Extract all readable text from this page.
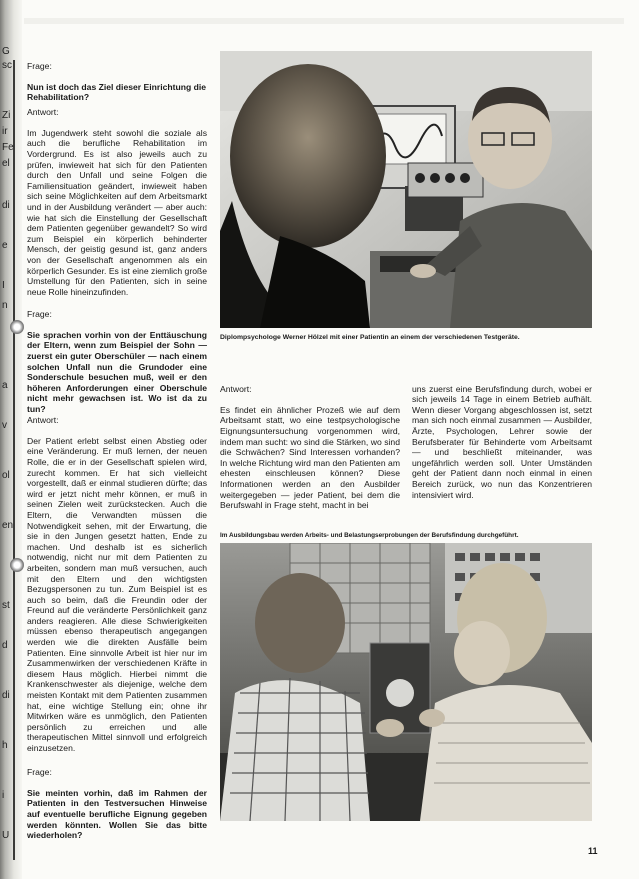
G
sc
Zi
ir
Fe
el
di
e
I
n
a
v
ol
en
st
d
di
h
i
U

Frage:

Nun ist doch das Ziel dieser Einrichtung die Rehabilitation?

Antwort:

Im Jugendwerk steht sowohl die soziale als auch die berufliche Rehabilitation im Vordergrund. Es ist also jeweils auch zu prüfen, inwieweit hat sich für den Patienten durch den Unfall und seine Folgen die Familiensituation geändert, inwieweit haben sich seine Möglichkeiten auf dem Arbeitsmarkt und in der Ausbildung verändert — aber auch: wie hat sich die Einstellung der Gesellschaft dem Patienten gegenüber gewandelt? So wird zum Beispiel ein körperlich behinderter Mensch, der geistig gesund ist, ganz anders von der Gesellschaft angenommen als ein körperlich Gesunder. Es ist eine ziemlich große Umstellung für den Patienten, sich in seine neue Rolle hineinzufinden.

Frage:

Sie sprachen vorhin von der Enttäuschung der Eltern, wenn zum Beispiel der Sohn — zuerst ein guter Oberschüler — nach einem solchen Unfall nun die Grundoder eine Sonderschule besuchen muß, weil er den höheren Anforderungen einer Oberschule nicht mehr gewachsen ist. Wo ist da zu tun?

Antwort:

Der Patient erlebt selbst einen Abstieg oder eine Veränderung. Er muß lernen, der neuen Rolle, die er in der Gesellschaft spielen wird, zurecht kommen. Er hat sich vielleicht vorgestellt, daß er einmal studieren dürfte; das wird er jetzt nicht mehr können, er muß in seinen Zielen weit zurückstecken. Auch die Eltern, die Verwandten müssen die Notwendigkeit sehen, mit der Erwartung, die sie in den Jungen gesetzt hatten, Ende zu machen. Und deshalb ist es sicherlich notwendig, nicht nur mit dem Patienten zu arbeiten, sondern man muß versuchen, auch mit den Eltern und den wichtigsten Bezugspersonen zu tun. Zum Beispiel ist es auch so beim, daß die Freundin oder der Freund auf die veränderte Persönlichkeit ganz anders reagieren. Alle diese Schwierigkeiten müssen ebenso therapeutisch angegangen werden wie die direkten Ausfälle beim Patienten. Eine sinnvolle Arbeit ist hier nur im Zusammenwirken der verschiedenen Kräfte in diesem Haus möglich. Hierbei nimmt die Krankenschwester als diejenige, welche dem meisten Kontakt mit dem Patienten zusammen hat, eine wichtige Stellung ein; ohne ihr Mitwirken wäre es unmöglich, den Patienten persönlich zu erreichen und alle therapeutischen Mittel sinnvoll und erfolgreich einzusetzen.

Frage:

Sie meinten vorhin, daß im Rahmen der Patienten in den Testversuchen Hinweise auf eventuelle berufliche Eignung gegeben werden könnten. Wollen Sie das bitte wiederholen?

Diplompsychologe Werner Hölzel mit einer Patientin an einem der verschiedenen Testgeräte.

Antwort:

Es findet ein ähnlicher Prozeß wie auf dem Arbeitsamt statt, wo eine testpsychologische Eignungsuntersuchung vorgenommen wird, indem man sucht: wo sind die Stärken, wo sind die Schwächen? Sind Interessen vorhanden? In welche Richtung wird man den Patienten am ehesten einschleusen können? Diese Informationen werden an den Ausbilder weitergegeben — jeder Patient, bei dem die Berufswahl in Frage steht, macht in bei

uns zuerst eine Berufsfindung durch, wobei er sich jeweils 14 Tage in einem Betrieb aufhält. Wenn dieser Vorgang abgeschlossen ist, setzt man sich noch einmal zusammen — Ausbilder, Ärzte, Psychologen, Lehrer sowie der Berufsberater für Behinderte vom Arbeitsamt — und beschließt miteinander, was ungefährlich werden soll. Unter Umständen geht der Patient dann noch einmal in einen Bereich zurück, wo nun das Konzentrieren intensiviert wird.

Im Ausbildungsbau werden Arbeits- und Belastungserprobungen der Berufsfindung durchgeführt.
11
